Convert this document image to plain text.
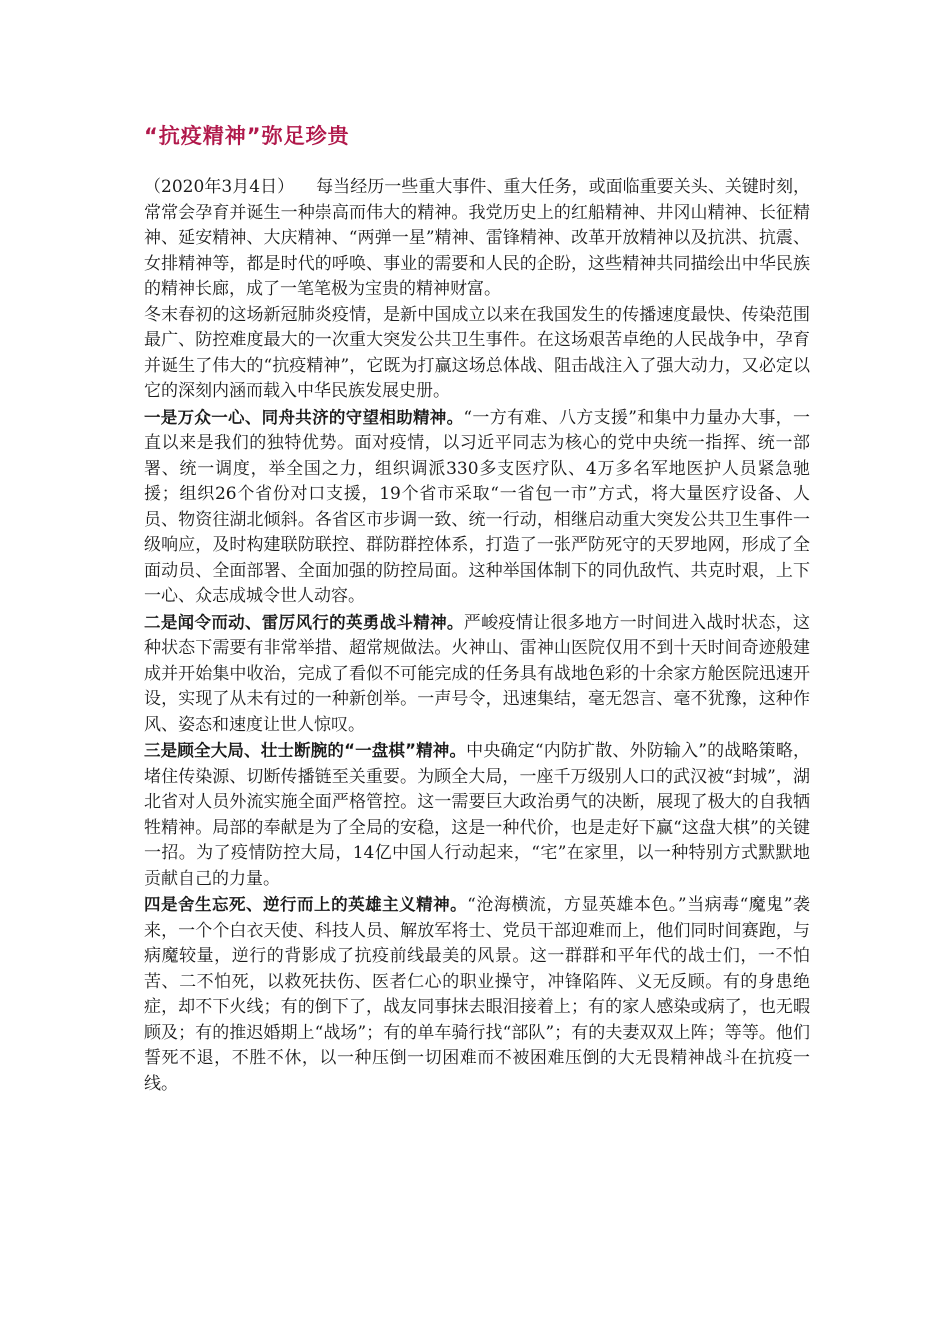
“抗疫精神”弥足珍贵

（2020年3月4日） 每当经历一些重大事件、重大任务，或面临重要关头、关键时刻，常常会孕育并诞生一种崇高而伟大的精神。我党历史上的红船精神、井冈山精神、长征精神、延安精神、大庆精神、“两弹一星”精神、雷锋精神、改革开放精神以及抗洪、抗震、女排精神等，都是时代的呼唤、事业的需要和人民的企盼，这些精神共同描绘出中华民族的精神长廊，成了一笔笔极为宝贵的精神财富。

冬末春初的这场新冠肺炎疫情，是新中国成立以来在我国发生的传播速度最快、传染范围最广、防控难度最大的一次重大突发公共卫生事件。在这场艰苦卓绝的人民战争中，孕育并诞生了伟大的“抗疫精神”，它既为打赢这场总体战、阻击战注入了强大动力，又必定以它的深刻内涵而载入中华民族发展史册。

一是万众一心、同舟共济的守望相助精神。“一方有难、八方支援”和集中力量办大事，一直以来是我们的独特优势。面对疫情，以习近平同志为核心的党中央统一指挥、统一部署、统一调度，举全国之力，组织调派330多支医疗队、4万多名军地医护人员紧急驰援；组织26个省份对口支援，19个省市采取“一省包一市”方式，将大量医疗设备、人员、物资往湖北倾斜。各省区市步调一致、统一行动，相继启动重大突发公共卫生事件一级响应，及时构建联防联控、群防群控体系，打造了一张严防死守的天罗地网，形成了全面动员、全面部署、全面加强的防控局面。这种举国体制下的同仇敌忾、共克时艰，上下一心、众志成城令世人动容。

二是闻令而动、雷厉风行的英勇战斗精神。严峻疫情让很多地方一时间进入战时状态，这种状态下需要有非常举措、超常规做法。火神山、雷神山医院仅用不到十天时间奇迹般建成并开始集中收治，完成了看似不可能完成的任务具有战地色彩的十余家方舱医院迅速开设，实现了从未有过的一种新创举。一声号令，迅速集结，毫无怨言、毫不犹豫，这种作风、姿态和速度让世人惊叹。

三是顾全大局、壮士断腕的“一盘棋”精神。中央确定“内防扩散、外防输入”的战略策略，堵住传染源、切断传播链至关重要。为顾全大局，一座千万级别人口的武汉被“封城”，湖北省对人员外流实施全面严格管控。这一需要巨大政治勇气的决断，展现了极大的自我牺牲精神。局部的奉献是为了全局的安稳，这是一种代价，也是走好下赢“这盘大棋”的关键一招。为了疫情防控大局，14亿中国人行动起来，“宅”在家里，以一种特别方式默默地贡献自己的力量。

四是舍生忘死、逆行而上的英雄主义精神。“沧海横流，方显英雄本色。”当病毒“魔鬼”袭来，一个个白衣天使、科技人员、解放军将士、党员干部迎难而上，他们同时间赛跑，与病魔较量，逆行的背影成了抗疫前线最美的风景。这一群群和平年代的战士们，一不怕苦、二不怕死，以救死扶伤、医者仁心的职业操守，冲锋陷阵、义无反顾。有的身患绝症，却不下火线；有的倒下了，战友同事抹去眼泪接着上；有的家人感染或病了，也无暇顾及；有的推迟婚期上“战场”；有的单车骑行找“部队”；有的夫妻双双上阵；等等。他们誓死不退，不胜不休，以一种压倒一切困难而不被困难压倒的大无畏精神战斗在抗疫一线。
